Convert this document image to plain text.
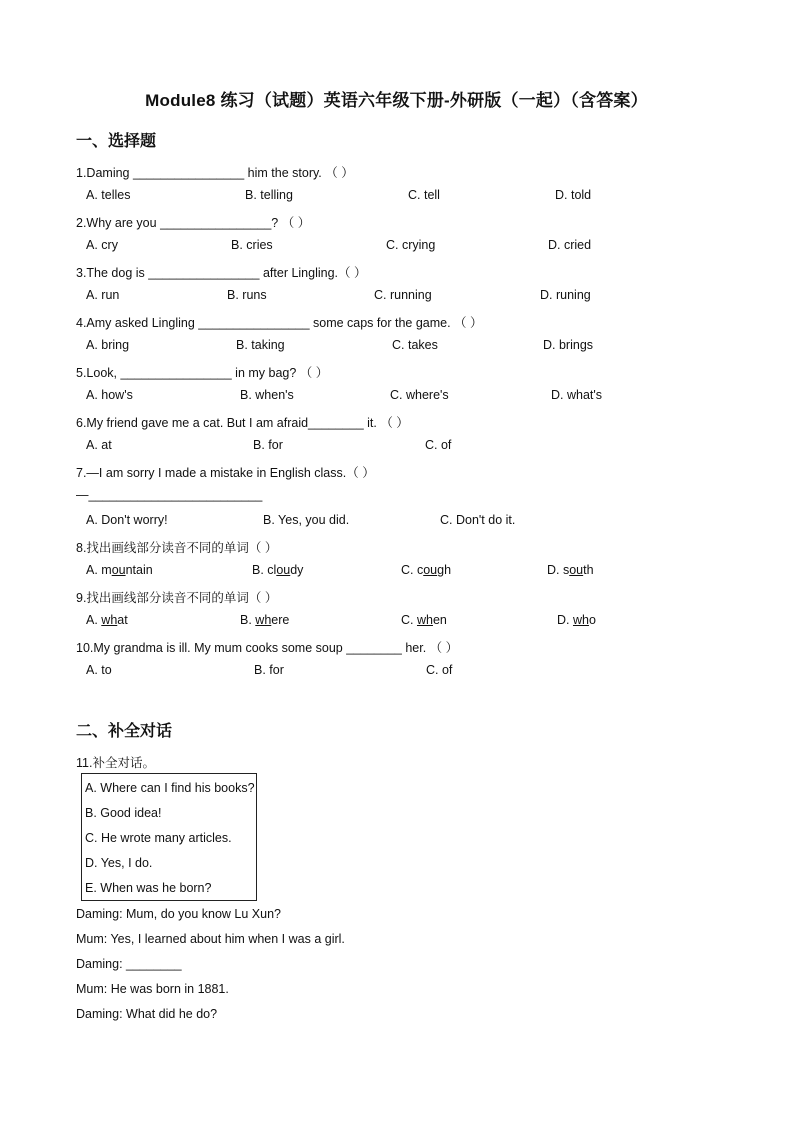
Module8 练习（试题）英语六年级下册-外研版（一起）（含答案）
一、选择题
1.Daming ________________ him the story. （ ）
A. telles	B. telling	C. tell	D. told
2.Why are you ________________? （ ）
A. cry	B. cries	C. crying	D. cried
3.The dog is ________________ after Lingling.（ ）
A. run	B. runs	C. running	D. runing
4.Amy asked Lingling ________________ some caps for the game. （ ）
A. bring	B. taking	C. takes	D. brings
5.Look, ________________ in my bag? （ ）
A. how's	B. when's	C. where's	D. what's
6.My friend gave me a cat. But I am afraid________ it. （ ）
A. at	B. for	C. of
7.—I am sorry I made a mistake in English class.（ ）
—_________________________
A. Don't worry!	B. Yes, you did.	C. Don't do it.
8.找出画线部分读音不同的单词（ ）
A. mountain	B. cloudy	C. cough	D. south
9.找出画线部分读音不同的单词（ ）
A. what	B. where	C. when	D. who
10.My grandma is ill. My mum cooks some soup ________ her. （ ）
A. to	B. for	C. of
二、补全对话
11.补全对话。
A. Where can I find his books?
B. Good idea!
C. He wrote many articles.
D. Yes, I do.
E. When was he born?
Daming: Mum, do you know Lu Xun?
Mum: Yes, I learned about him when I was a girl.
Daming: ________
Mum: He was born in 1881.
Daming: What did he do?
